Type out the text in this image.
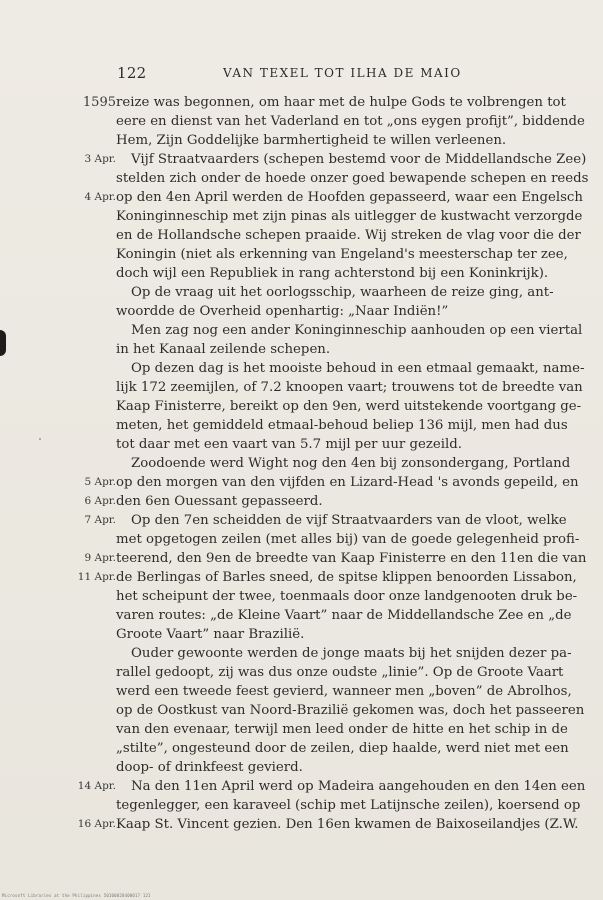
122	VAN TEXEL TOT ILHA DE MAIO
1595 reize was begonnen, om haar met de hulpe Gods te volbrengen tot
eere en dienst van het Vaderland en tot „ons eygen profijt”, biddende
Hem, Zijn Goddelijke barmhertigheid te willen verleenen.
3 Apr. Vijf Straatvaarders (schepen bestemd voor de Middellandsche Zee)
stelden zich onder de hoede onzer goed bewapende schepen en reeds
4 Apr. op den 4en April werden de Hoofden gepasseerd, waar een Engelsch
Koninginneschip met zijn pinas als uitlegger de kustwacht verzorgde
en de Hollandsche schepen praaide. Wij streken de vlag voor die der
Koningin (niet als erkenning van Engeland's meesterschap ter zee,
doch wijl een Republiek in rang achterstond bij een Koninkrijk).
Op de vraag uit het oorlogsschip, waarheen de reize ging, ant-
woordde de Overheid openhartig: „Naar Indiën!”
Men zag nog een ander Koninginneschip aanhouden op een viertal
in het Kanaal zeilende schepen.
Op dezen dag is het mooiste behoud in een etmaal gemaakt, name-
lijk 172 zeemijlen, of 7.2 knoopen vaart; trouwens tot de breedte van
Kaap Finisterre, bereikt op den 9en, werd uitstekende voortgang ge-
meten, het gemiddeld etmaal-behoud beliep 136 mijl, men had dus
tot daar met een vaart van 5.7 mijl per uur gezeild.
Zoodoende werd Wight nog den 4en bij zonsondergang, Portland
5 Apr. op den morgen van den vijfden en Lizard-Head 's avonds gepeild, en
6 Apr. den 6en Ouessant gepasseerd.
7 Apr. Op den 7en scheidden de vijf Straatvaarders van de vloot, welke
met opgetogen zeilen (met alles bij) van de goede gelegenheid profi-
9 Apr. teerend, den 9en de breedte van Kaap Finisterre en den 11en die van
11 Apr. de Berlingas of Barles sneed, de spitse klippen benoorden Lissabon,
het scheipunt der twee, toenmaals door onze landgenooten druk be-
varen routes: „de Kleine Vaart” naar de Middellandsche Zee en „de
Groote Vaart” naar Brazilië.
Ouder gewoonte werden de jonge maats bij het snijden dezer pa-
rallel gedoopt, zij was dus onze oudste „linie”. Op de Groote Vaart
werd een tweede feest gevierd, wanneer men „boven” de Abrolhos,
op de Oostkust van Noord-Brazilië gekomen was, doch het passeeren
van den evenaar, terwijl men leed onder de hitte en het schip in de
„stilte”, ongesteund door de zeilen, diep haalde, werd niet met een
doop- of drinkfeest gevierd.
14 Apr. Na den 11en April werd op Madeira aangehouden en den 14en een
tegenlegger, een karaveel (schip met Latijnsche zeilen), koersend op
16 Apr. Kaap St. Vincent gezien. Den 16en kwamen de Baixoseilandjes (Z.W.
Microsoft Libraries at the Philippines 50100028400017 121
